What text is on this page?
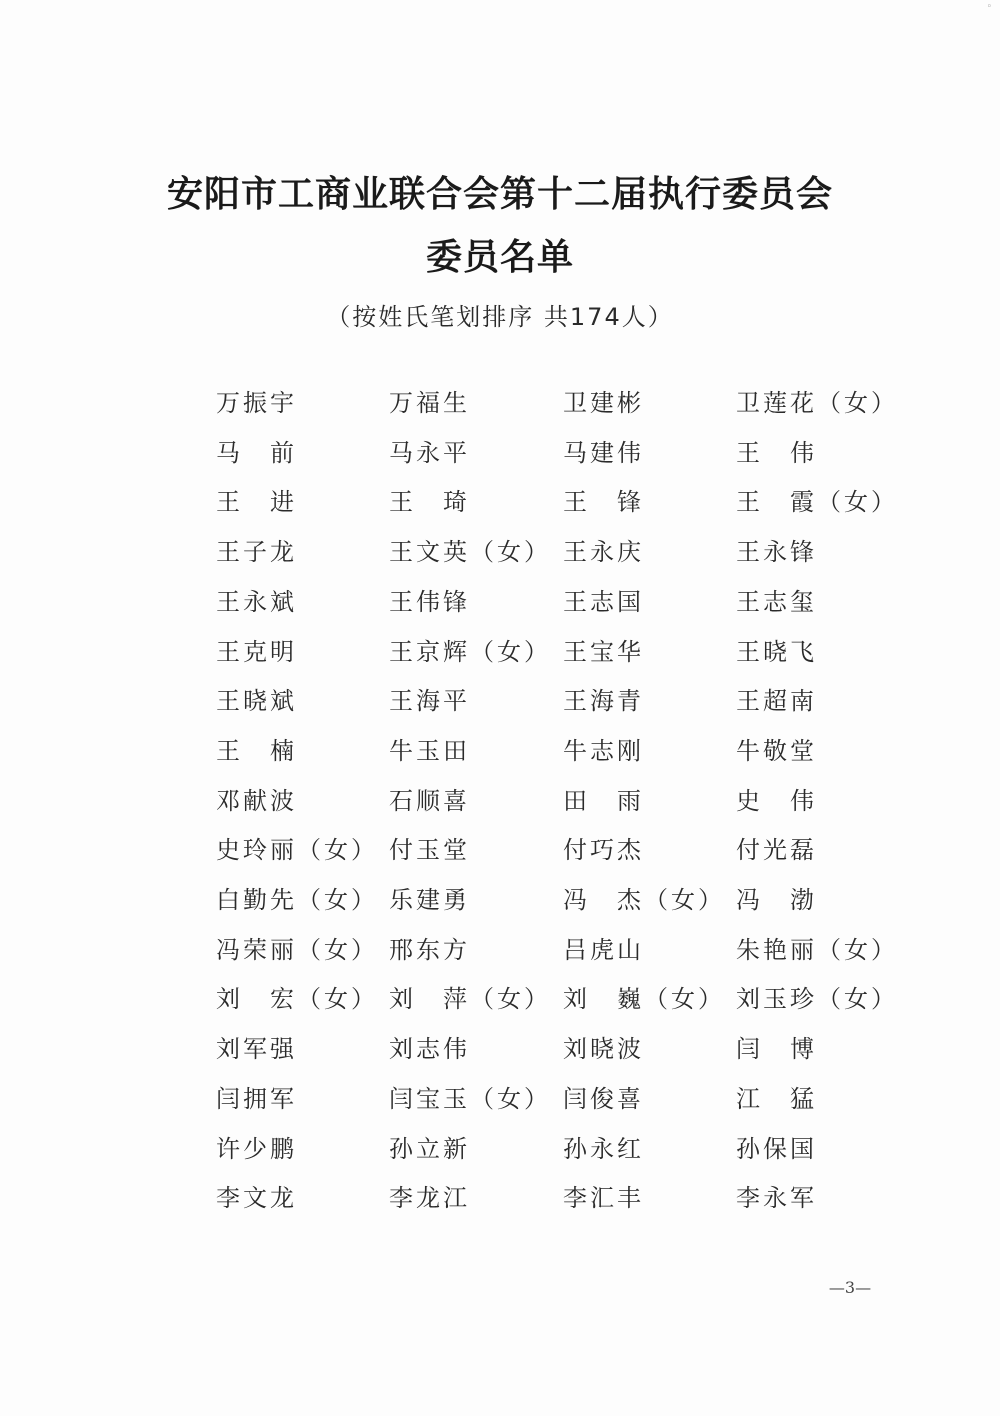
◦
安阳市工商业联合会第十二届执行委员会
委员名单
（按姓氏笔划排序 共174人）
万振宇	万福生	卫建彬	卫莲花（女）
马　前	马永平	马建伟	王　伟
王　进	王　琦	王　锋	王　霞（女）
王子龙	王文英（女） 王永庆	王永锋
王永斌	王伟锋	王志国	王志玺
王克明	王京辉（女） 王宝华	王晓飞
王晓斌	王海平	王海青	王超南
王　楠	牛玉田	牛志刚	牛敬堂
邓献波	石顺喜	田　雨	史　伟
史玲丽（女） 付玉堂	付巧杰	付光磊
白勤先（女） 乐建勇	冯　杰（女） 冯　渤
冯荣丽（女） 邢东方	吕虎山	朱艳丽（女）
刘　宏（女） 刘　萍（女） 刘　巍（女） 刘玉珍（女）
刘军强	刘志伟	刘晓波	闫　博
闫拥军	闫宝玉（女） 闫俊喜	江　猛
许少鹏	孙立新	孙永红	孙保国
李文龙	李龙江	李汇丰	李永军
—3—
